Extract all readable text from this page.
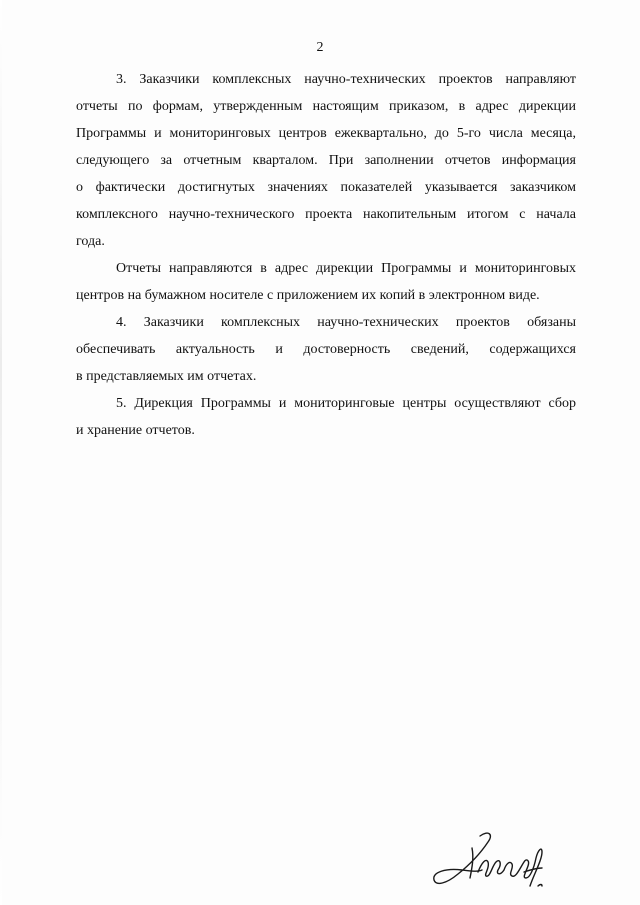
2

3. Заказчики комплексных научно-технических проектов направляют
отчеты по формам, утвержденным настоящим приказом, в адрес дирекции
Программы и мониторинговых центров ежеквартально, до 5-го числа месяца,
следующего за отчетным кварталом. При заполнении отчетов информация
о фактически достигнутых значениях показателей указывается заказчиком
комплексного научно-технического проекта накопительным итогом с начала
года.

Отчеты направляются в адрес дирекции Программы и мониторинговых
центров на бумажном носителе с приложением их копий в электронном виде.

4. Заказчики комплексных научно-технических проектов обязаны
обеспечивать актуальность и достоверность сведений, содержащихся
в представляемых им отчетах.

5. Дирекция Программы и мониторинговые центры осуществляют сбор
и хранение отчетов.
